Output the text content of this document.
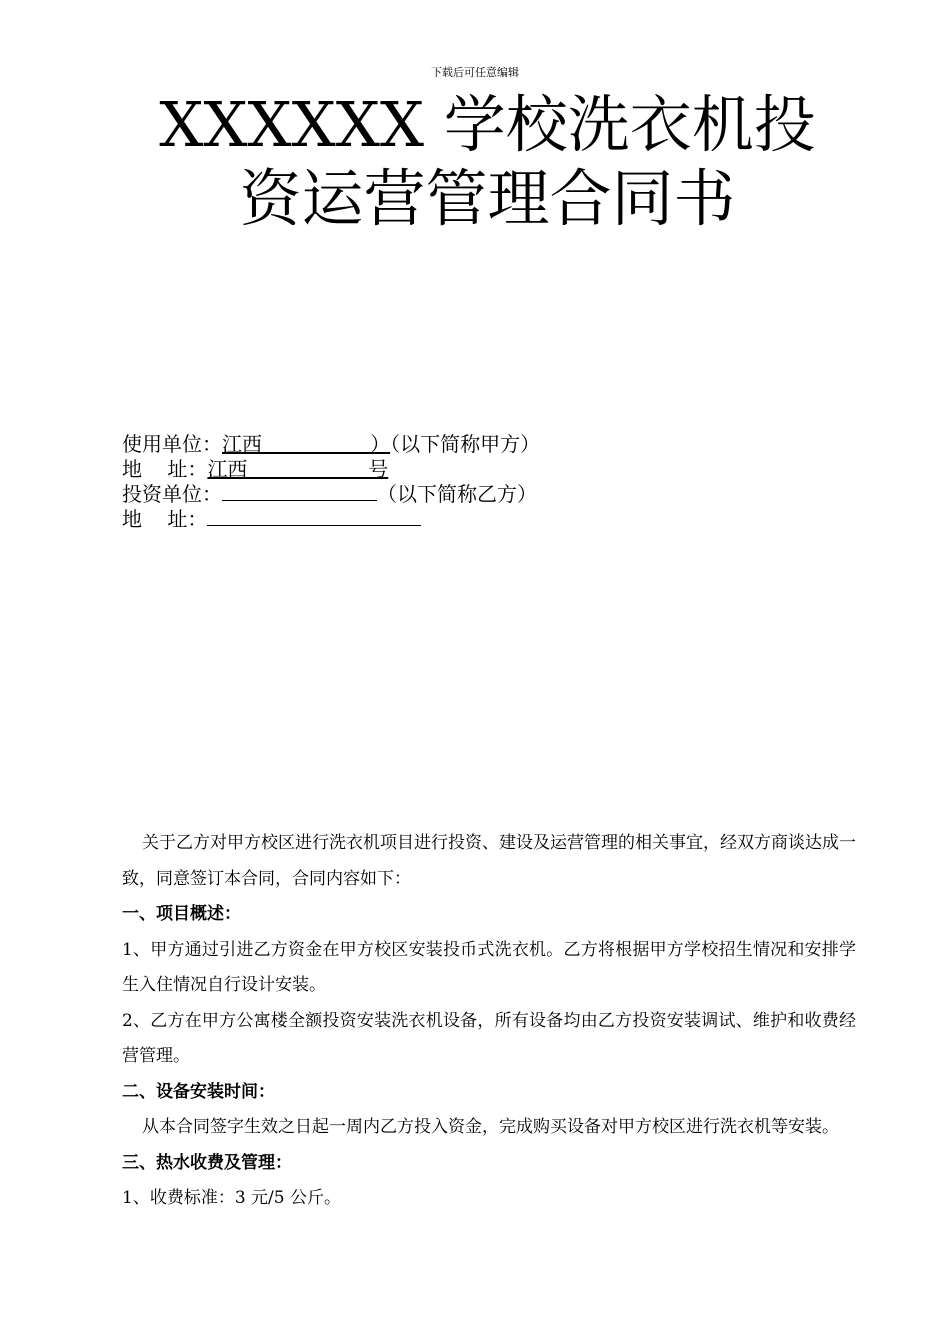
下载后可任意编辑
XXXXXX 学校洗衣机投
资运营管理合同书
使用单位：江西                 ）（以下简称甲方）
地    址：江西                   号
投资单位：	（以下简称乙方）
地    址：

关于乙方对甲方校区进行洗衣机项目进行投资、建设及运营管理的相关事宜，经双方商谈达成一致，同意签订本合同，合同内容如下：

一、项目概述：

1、甲方通过引进乙方资金在甲方校区安装投币式洗衣机。乙方将根据甲方学校招生情况和安排学生入住情况自行设计安装。

2、乙方在甲方公寓楼全额投资安装洗衣机设备，所有设备均由乙方投资安装调试、维护和收费经营管理。

二、设备安装时间：

从本合同签字生效之日起一周内乙方投入资金，完成购买设备对甲方校区进行洗衣机等安装。

三、热水收费及管理：

1、收费标准：3 元/5 公斤。
